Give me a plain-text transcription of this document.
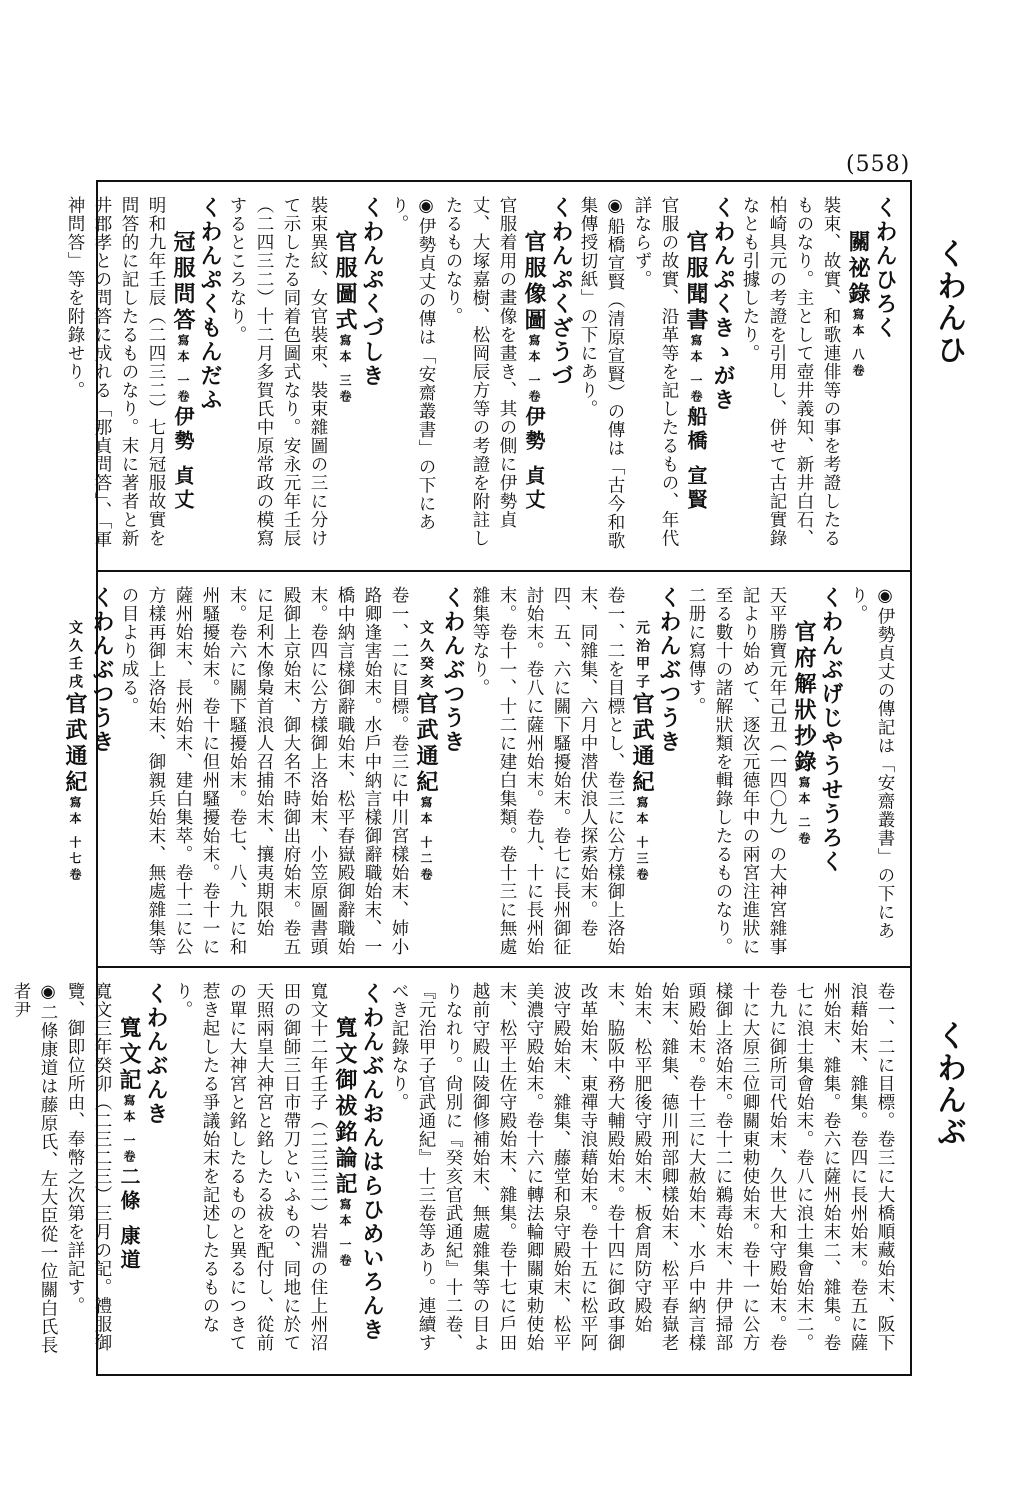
(558)
くわんひ
くわんぶ
くわんひろく
關祕錄寫本 八卷
裝束、故實、和歌連俳等の事を考證したるものなり。主として壺井義知、新井白石、柏崎具元の考證を引用し、併せて古記實錄なとも引據したり。
くわんぷくきゝがき
官服聞書寫本 一卷船橋 宣賢
官服の故實、沿革等を記したるもの、年代詳ならず。
◉船橋宣賢（清原宣賢）の傳は「古今和歌集傳授切紙」の下にあり。
くわんぷくざうづ
官服像圖寫本 一卷伊勢 貞丈
官服着用の畫像を畫き、其の側に伊勢貞丈、大塚嘉樹、松岡辰方等の考證を附註したるものなり。
◉伊勢貞丈の傳は「安齋叢書」の下にあり。
くわんぷくづしき
官服圖式寫本 三卷
裝束異紋、女官裝束、裝束雜圖の三に分けて示したる同着色圖式なり。安永元年壬辰（二四三二）十二月多賀氏中原常政の模寫するところなり。
くわんぷくもんだふ
冠服問答寫本 一卷伊勢 貞丈
明和九年壬辰（二四三二）七月冠服故實を問答的に記したるものなり。末に著者と新井郡孝との問答に成れる「那貞問答」、「軍神問答」等を附錄せり。
◉伊勢貞丈の傳記は「安齋叢書」の下にあり。
くわんぶげじやうせうろく
官府解狀抄錄寫本 二卷
天平勝寶元年己丑（一四〇九）の大神宮雜事記より始めて、逐次元德年中の兩宮注進狀に至る數十の諸解狀類を輯錄したるものなり。二册に寫傳す。
くわんぶつうき
元治甲子官武通紀寫本 十三卷
卷一、二を目標とし、卷三に公方樣御上洛始末、同雜集、六月中潜伏浪人探索始末。卷四、五、六に關下騷擾始末。卷七に長州御征討始末。卷八に薩州始末。卷九、十に長州始末。卷十一、十二に建白集類。卷十三に無處雜集等なり。
くわんぶつうき
文久癸亥官武通紀寫本 十二卷
卷一、二に目標。卷三に中川宮樣始末、姉小路卿逢害始末。水戶中納言樣御辭職始末、一橋中納言樣御辭職始末、松平春嶽殿御辭職始末。卷四に公方樣御上洛始末、小笠原圖書頭殿御上京始末、御大名不時御出府始末。卷五に足利木像梟首浪人召捕始末、攘夷期限始末。卷六に關下騷擾始末。卷七、八、九に和州騷擾始末。卷十に但州騷擾始末。卷十一に薩州始末、長州始末、建白集萃。卷十二に公方樣再御上洛始末、御親兵始末、無處雜集等の目より成る。
くわんぶつうき
文久壬戌官武通紀寫本 十七卷
卷一、二に目標。卷三に大橋順藏始末、阪下浪藉始末、雜集。卷四に長州始末。卷五に薩州始末、雜集。卷六に薩州始末二、雜集。卷七に浪士集會始末。卷八に浪士集會始末二。卷九に御所司代始末、久世大和守殿始末。卷十に大原三位卿關東勅使始末。卷十一に公方樣御上洛始末。卷十二に鵜毒始末、井伊掃部頭殿始末。卷十三に大赦始末、水戶中納言樣始末、雜集、德川刑部卿樣始末、松平春嶽老始末、松平肥後守殿始末、板倉周防守殿始末、脇阪中務大輔殿始末。卷十四に御政事御改革始末、東禪寺浪藉始末。卷十五に松平阿波守殿始末、雜集、藤堂和泉守殿始末、松平美濃守殿始末。卷十六に轉法輪卿關東勅使始末、松平土佐守殿始末、雜集。卷十七に戶田越前守殿山陵御修補始末、無處雜集等の目よりなれり。尙別に『癸亥官武通紀』十二卷、『元治甲子官武通紀』十三卷等あり。連續すべき記錄なり。
くわんぶんおんはらひめいろんき
寬文御祓銘論記寫本 一卷
寬文十二年壬子（二三三二）岩淵の住上州沼田の御師三日市帶刀といふもの、同地に於て天照兩皇大神宮と銘したる祓を配付し、從前の單に大神宮と銘したるものと異るにつきて惹き起したる爭議始末を記述したるものなり。
くわんぶんき
寬文記寫本 一卷二條 康道
寬文三年癸卯（二三二三）三月の記。禮服御覽、御即位所由、奉幣之次第を詳記す。
◉二條康道は藤原氏、左大臣從一位關白氏長者尹
